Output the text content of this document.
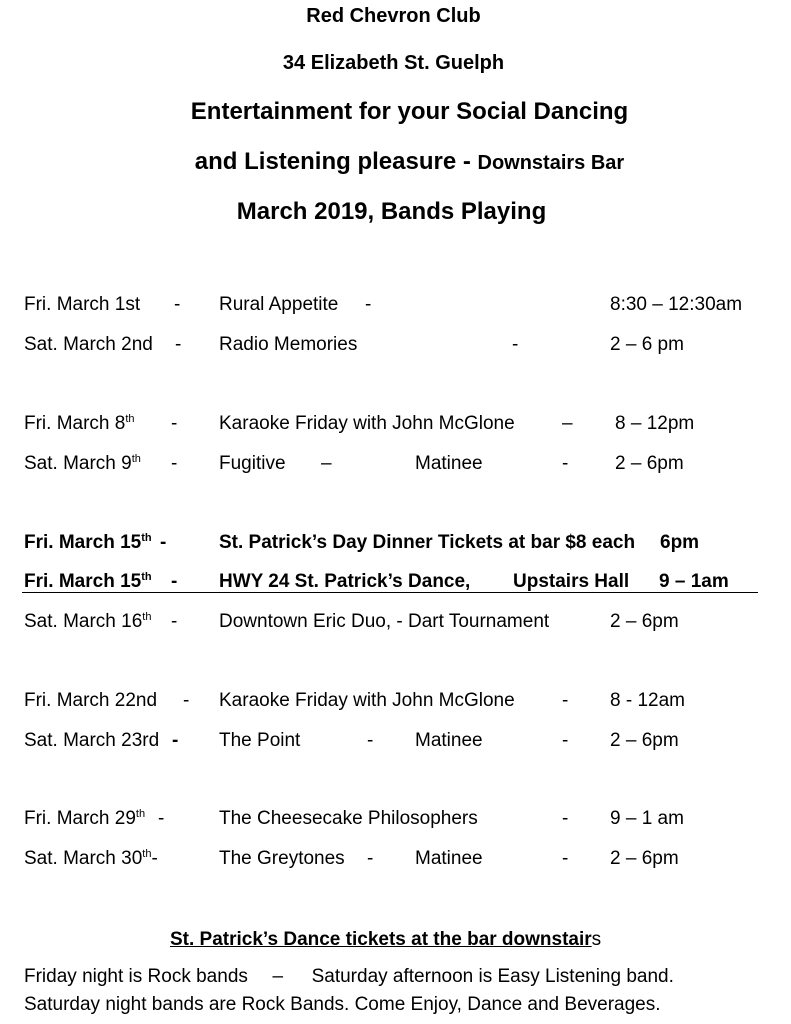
Red Chevron Club
34 Elizabeth St. Guelph
Entertainment for your Social Dancing
and Listening pleasure - Downstairs Bar
March 2019, Bands Playing
Fri. March 1st - Rural Appetite -	8:30 – 12:30am
Sat. March 2nd - Radio Memories	-	2 – 6 pm
Fri. March 8th - Karaoke Friday with John McGlone – 8 – 12pm
Sat. March 9th - Fugitive –	Matinee	- 2 – 6pm
Fri. March 15th -	St. Patrick’s Day Dinner Tickets at bar $8 each 6pm
Fri. March 15th - HWY 24 St. Patrick’s Dance, Upstairs Hall 9 – 1am
Sat. March 16th - Downtown Eric Duo, - Dart Tournament	2 – 6pm
Fri. March 22nd - Karaoke Friday with John McGlone - 8 - 12am
Sat. March 23rd - The Point	- Matinee	- 2 – 6pm
Fri. March 29th -	The Cheesecake Philosophers	- 9 – 1 am
Sat. March 30th-	The Greytones - Matinee	- 2 – 6pm
St. Patrick’s Dance tickets at the bar downstairs
Friday night is Rock bands – Saturday afternoon is Easy Listening band.
Saturday night bands are Rock Bands. Come Enjoy, Dance and Beverages.
